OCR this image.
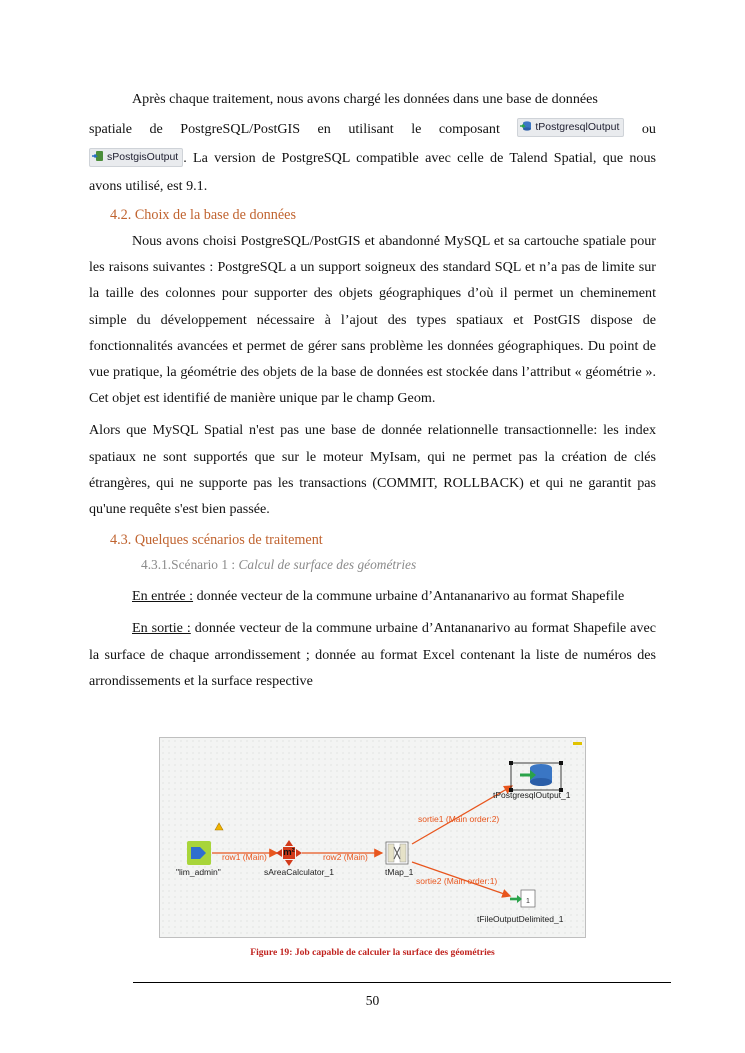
Après chaque traitement, nous avons chargé les données dans une base de données
spatiale de PostgreSQL/PostGIS en utilisant le composant	tPostgresqlOutput	ou

sPostgisOutput . La version de PostgreSQL compatible avec celle de Talend Spatial, que nous avons utilisé, est 9.1.

4.2. Choix de la base de données

Nous avons choisi PostgreSQL/PostGIS et abandonné MySQL et sa cartouche spatiale pour les raisons suivantes : PostgreSQL a un support soigneux des standard SQL et n’a pas de limite sur la taille des colonnes pour supporter des objets géographiques d’où il permet un cheminement simple du développement nécessaire à l’ajout des types spatiaux et PostGIS dispose de fonctionnalités avancées et permet de gérer sans problème les données géographiques. Du point de vue pratique, la géométrie des objets de la base de données est stockée dans l’attribut « géométrie ». Cet objet est identifié de manière unique par le champ Geom.

Alors que MySQL Spatial n'est pas une base de donnée relationnelle transactionnelle: les index spatiaux ne sont supportés que sur le moteur MyIsam, qui ne permet pas la création de clés étrangères, qui ne supporte pas les transactions (COMMIT, ROLLBACK) et qui ne garantit pas qu'une requête s'est bien passée.

4.3. Quelques scénarios de traitement
4.3.1.Scénario 1 : Calcul de surface des géométries

En entrée : donnée vecteur de la commune urbaine d’Antananarivo au format Shapefile

En sortie : donnée vecteur de la commune urbaine d’Antananarivo au format Shapefile avec la surface de chaque arrondissement ; donnée au format Excel contenant la liste de numéros des arrondissements et la surface respective

row1 (Main)	row2 (Main)
sortie1 (Main order:2)
sortie2 (Main order:1)
"lim_admin"
m²
sAreaCalculator_1	tMap_1
tPostgresqlOutput_1
1
tFileOutputDelimited_1
Figure 19: Job capable de calculer la surface des géométries
50
